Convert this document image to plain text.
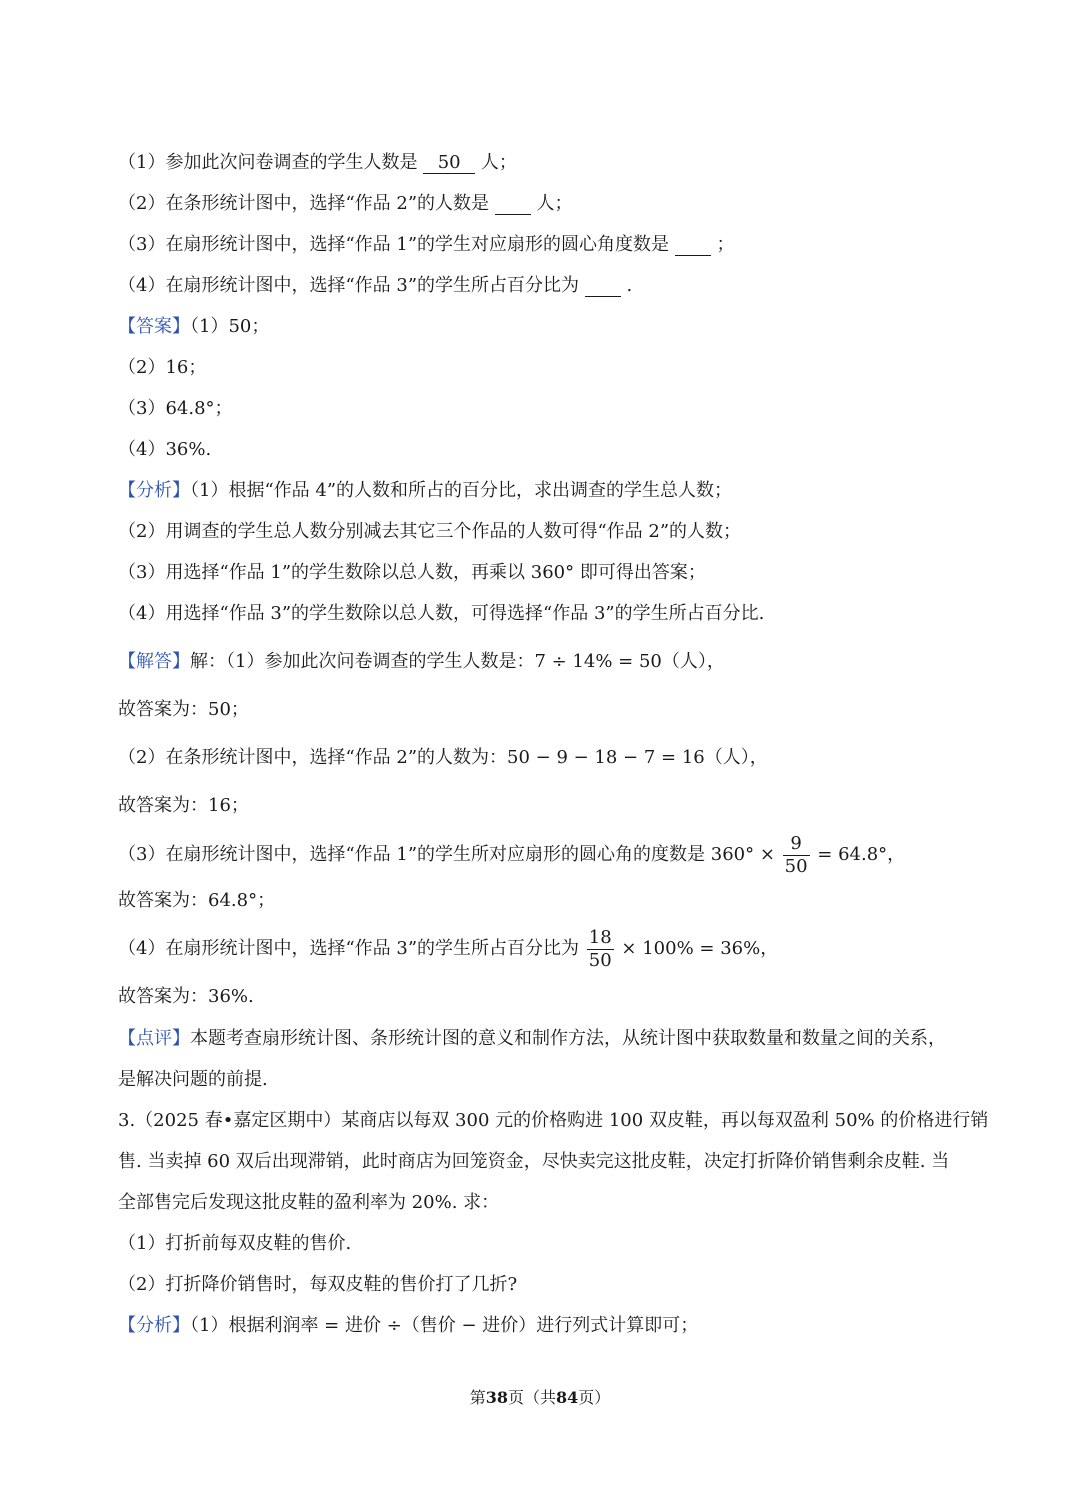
（1）参加此次问卷调查的学生人数是 50 人；
（2）在条形统计图中，选择“作品 2”的人数是	人；
（3）在扇形统计图中，选择“作品 1”的学生对应扇形的圆心角度数是	；
（4）在扇形统计图中，选择“作品 3”的学生所占百分比为	.
【答案】（1）50；
（2）16；
（3）64.8°；
（4）36%.
【分析】（1）根据“作品 4”的人数和所占的百分比，求出调查的学生总人数；
（2）用调查的学生总人数分别减去其它三个作品的人数可得“作品 2”的人数；
（3）用选择“作品 1”的学生数除以总人数，再乘以 360° 即可得出答案；
（4）用选择“作品 3”的学生数除以总人数，可得选择“作品 3”的学生所占百分比.
【解答】解：（1）参加此次问卷调查的学生人数是：7 ÷ 14% = 50（人），
故答案为：50；
（2）在条形统计图中，选择“作品 2”的人数为：50 − 9 − 18 − 7 = 16（人），
故答案为：16；
（3）在扇形统计图中，选择“作品 1”的学生所对应扇形的圆心角的度数是 $360^\circ \times \frac{9}{50} = 64.8^\circ$，
故答案为：64.8°；
（4）在扇形统计图中，选择“作品 3”的学生所占百分比为 $\frac{18}{50} \times 100\% = 36\%$，
故答案为：36%.
【点评】本题考查扇形统计图、条形统计图的意义和制作方法，从统计图中获取数量和数量之间的关系，
是解决问题的前提.
3.（2025 春•嘉定区期中）某商店以每双 300 元的价格购进 100 双皮鞋，再以每双盈利 50% 的价格进行销
售. 当卖掉 60 双后出现滞销，此时商店为回笼资金，尽快卖完这批皮鞋，决定打折降价销售剩余皮鞋. 当
全部售完后发现这批皮鞋的盈利率为 20%. 求：
（1）打折前每双皮鞋的售价.
（2）打折降价销售时，每双皮鞋的售价打了几折?
【分析】（1）根据利润率 = 进价 ÷（售价 − 进价）进行列式计算即可；
第38页（共84页）
